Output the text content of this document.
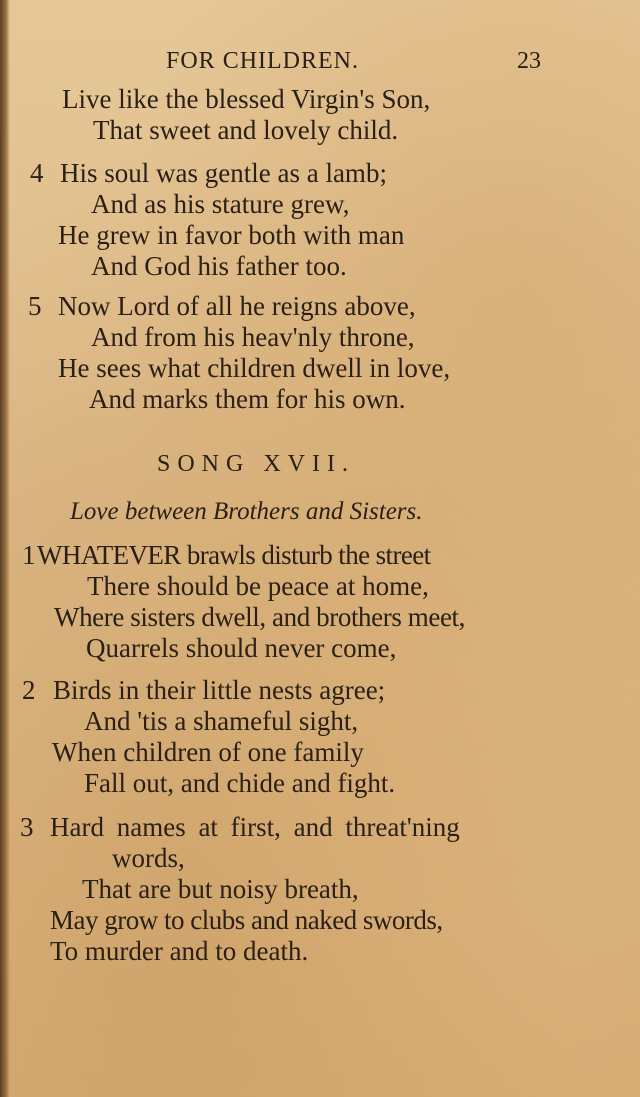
FOR CHILDREN.	23
Live like the blessed Virgin's Son,
That sweet and lovely child.
4 His soul was gentle as a lamb;
And as his stature grew,
He grew in favor both with man
And God his father too.
5 Now Lord of all he reigns above,
And from his heav'nly throne,
He sees what children dwell in love,
And marks them for his own.
SONG XVII.
Love between Brothers and Sisters.
1 WHATEVER brawls disturb the street
There should be peace at home,
Where sisters dwell, and brothers meet,
Quarrels should never come,
2 Birds in their little nests agree;
And 'tis a shameful sight,
When children of one family
Fall out, and chide and fight.
3 Hard names at first, and threat'ning
words,
That are but noisy breath,
May grow to clubs and naked swords,
To murder and to death.
